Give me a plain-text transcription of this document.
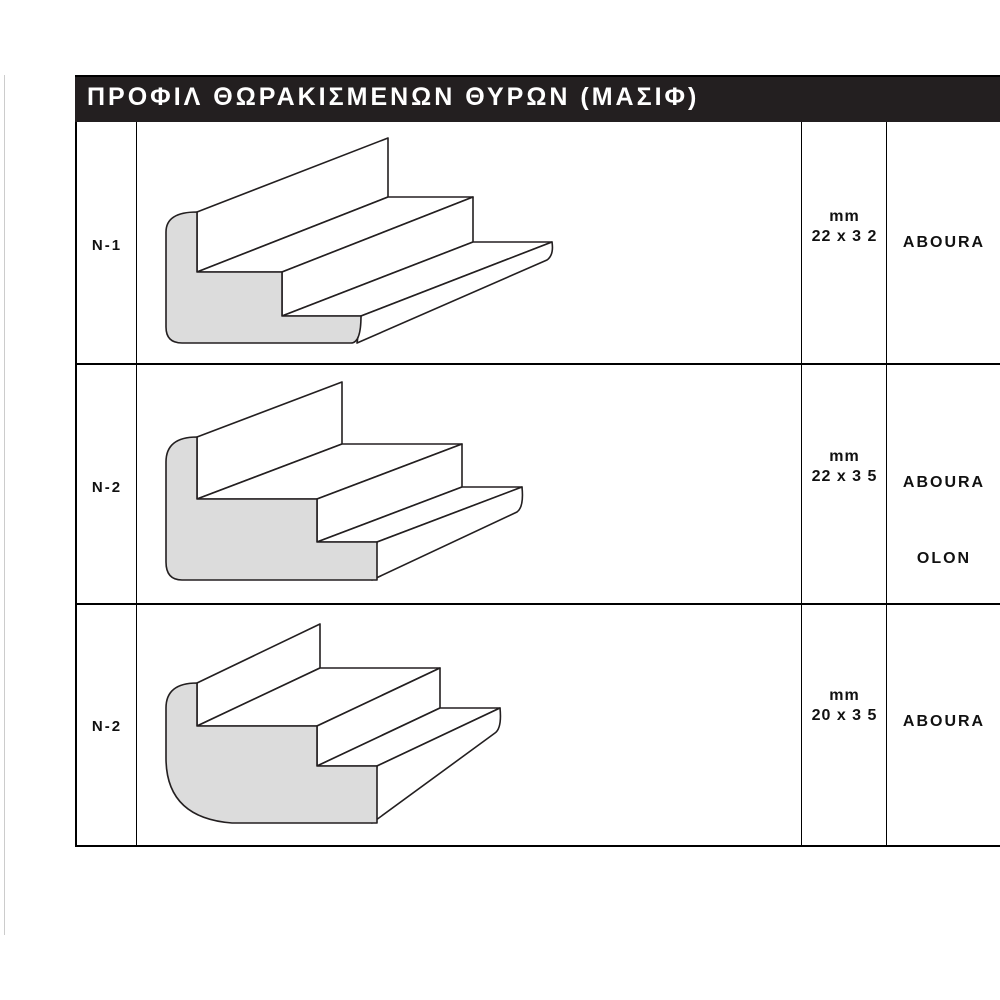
ΠΡΟΦΙΛ ΘΩΡΑΚΙΣΜΕΝΩΝ ΘΥΡΩΝ (ΜΑΣΙΦ)
N-1
mm
22 x 3 2	ABOURA
N-2
mm
22 x 3 5	ABOURA
OLON
N-2
mm
20 x 3 5	ABOURA
